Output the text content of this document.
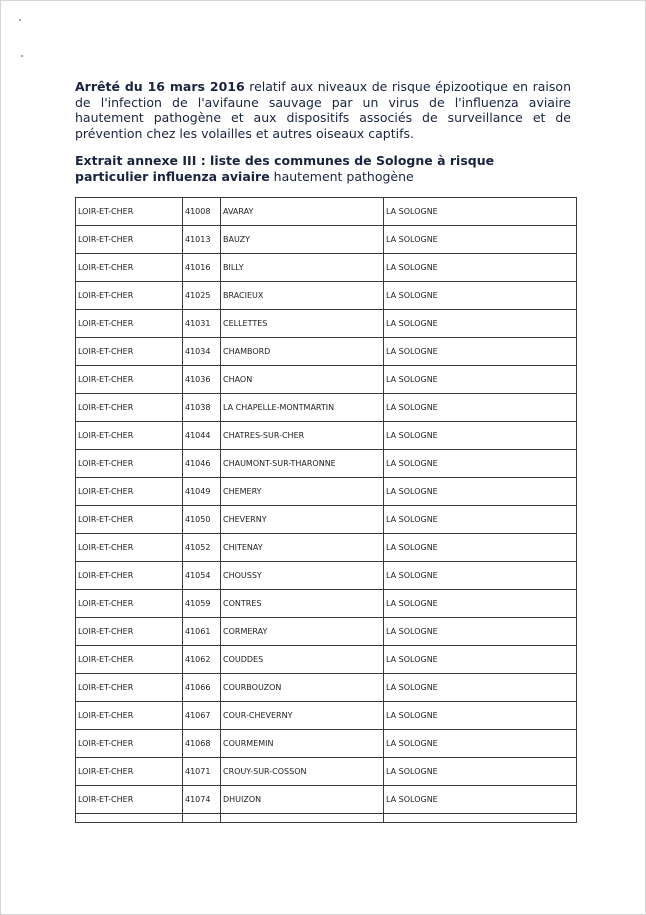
Arrêté du 16 mars 2016 relatif aux niveaux de risque épizootique en raison de l'infection de l'avifaune sauvage par un virus de l'influenza aviaire hautement pathogène et aux dispositifs associés de surveillance et de prévention chez les volailles et autres oiseaux captifs.

Extrait annexe III : liste des communes de Sologne à risque particulier influenza aviaire hautement pathogène

LOIR-ET-CHER	41008	AVARAY	LA SOLOGNE
LOIR-ET-CHER	41013	BAUZY	LA SOLOGNE
LOIR-ET-CHER	41016	BILLY	LA SOLOGNE
LOIR-ET-CHER	41025	BRACIEUX	LA SOLOGNE
LOIR-ET-CHER	41031	CELLETTES	LA SOLOGNE
LOIR-ET-CHER	41034	CHAMBORD	LA SOLOGNE
LOIR-ET-CHER	41036	CHAON	LA SOLOGNE
LOIR-ET-CHER	41038	LA CHAPELLE-MONTMARTIN	LA SOLOGNE
LOIR-ET-CHER	41044	CHATRES-SUR-CHER	LA SOLOGNE
LOIR-ET-CHER	41046	CHAUMONT-SUR-THARONNE	LA SOLOGNE
LOIR-ET-CHER	41049	CHEMERY	LA SOLOGNE
LOIR-ET-CHER	41050	CHEVERNY	LA SOLOGNE
LOIR-ET-CHER	41052	CHITENAY	LA SOLOGNE
LOIR-ET-CHER	41054	CHOUSSY	LA SOLOGNE
LOIR-ET-CHER	41059	CONTRES	LA SOLOGNE
LOIR-ET-CHER	41061	CORMERAY	LA SOLOGNE
LOIR-ET-CHER	41062	COUDDES	LA SOLOGNE
LOIR-ET-CHER	41066	COURBOUZON	LA SOLOGNE
LOIR-ET-CHER	41067	COUR-CHEVERNY	LA SOLOGNE
LOIR-ET-CHER	41068	COURMEMIN	LA SOLOGNE
LOIR-ET-CHER	41071	CROUY-SUR-COSSON	LA SOLOGNE
LOIR-ET-CHER	41074	DHUIZON	LA SOLOGNE
